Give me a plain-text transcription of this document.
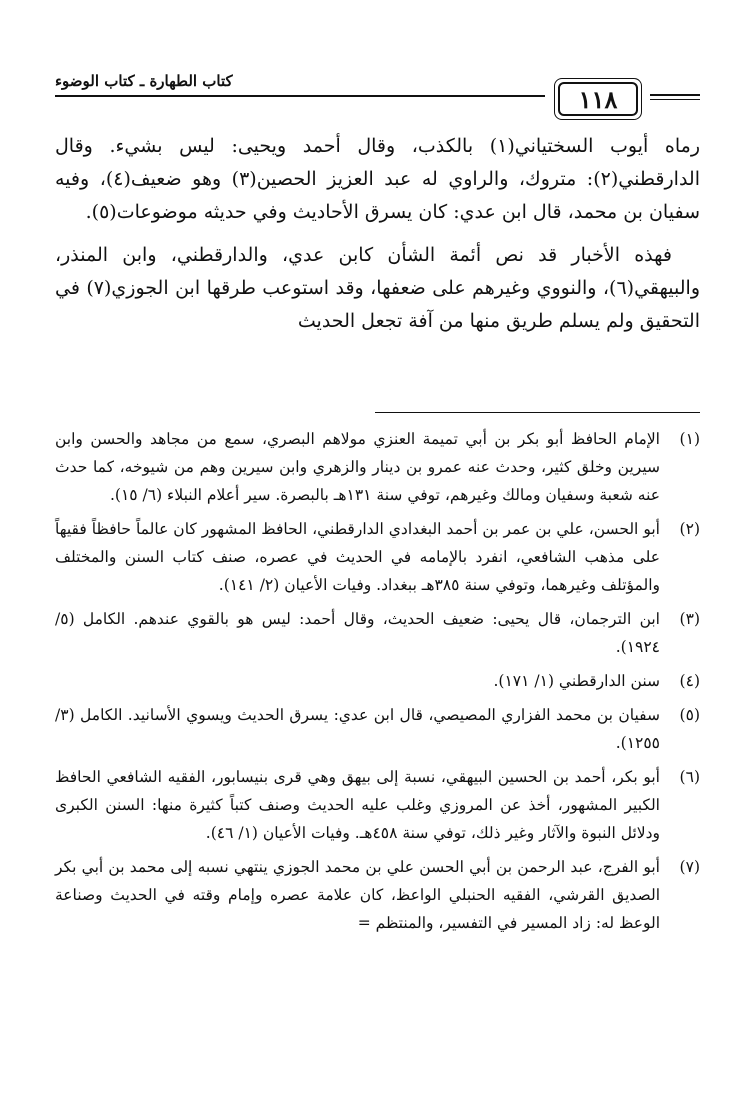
كتاب الطهارة ـ كتاب الوضوء
١١٨

رماه أيوب السختياني(١) بالكذب، وقال أحمد ويحيى: ليس بشيء. وقال الدارقطني(٢): متروك، والراوي له عبد العزيز الحصين(٣) وهو ضعيف(٤)، وفيه سفيان بن محمد، قال ابن عدي: كان يسرق الأحاديث وفي حديثه موضوعات(٥).

فهذه الأخبار قد نص أئمة الشأن كابن عدي، والدارقطني، وابن المنذر، والبيهقي(٦)، والنووي وغيرهم على ضعفها، وقد استوعب طرقها ابن الجوزي(٧) في التحقيق ولم يسلم طريق منها من آفة تجعل الحديث

(١)
الإمام الحافظ أبو بكر بن أبي تميمة العنزي مولاهم البصري، سمع من مجاهد والحسن وابن سيرين وخلق كثير، وحدث عنه عمرو بن دينار والزهري وابن سيرين وهم من شيوخه، كما حدث عنه شعبة وسفيان ومالك وغيرهم، توفي سنة ١٣١هـ بالبصرة. سير أعلام النبلاء (٦/ ١٥).
(٢)
أبو الحسن، علي بن عمر بن أحمد البغدادي الدارقطني، الحافظ المشهور كان عالماً حافظاً فقيهاً على مذهب الشافعي، انفرد بالإمامه في الحديث في عصره، صنف كتاب السنن والمختلف والمؤتلف وغيرهما، وتوفي سنة ٣٨٥هـ ببغداد. وفيات الأعيان (٢/ ١٤١).
(٣)
ابن الترجمان، قال يحيى: ضعيف الحديث، وقال أحمد: ليس هو بالقوي عندهم. الكامل (٥/ ١٩٢٤).
(٤)
سنن الدارقطني (١/ ١٧١).
(٥)
سفيان بن محمد الفزاري المصيصي، قال ابن عدي: يسرق الحديث ويسوي الأسانيد. الكامل (٣/ ١٢٥٥).
(٦)
أبو بكر، أحمد بن الحسين البيهقي، نسبة إلى بيهق وهي قرى بنيسابور، الفقيه الشافعي الحافظ الكبير المشهور، أخذ عن المروزي وغلب عليه الحديث وصنف كتباً كثيرة منها: السنن الكبرى ودلائل النبوة والآثار وغير ذلك، توفي سنة ٤٥٨هـ. وفيات الأعيان (١/ ٤٦).
(٧)
أبو الفرج، عبد الرحمن بن أبي الحسن علي بن محمد الجوزي ينتهي نسبه إلى محمد بن أبي بكر الصديق القرشي، الفقيه الحنبلي الواعظ، كان علامة عصره وإمام وقته في الحديث وصناعة الوعظ له: زاد المسير في التفسير، والمنتظم =
